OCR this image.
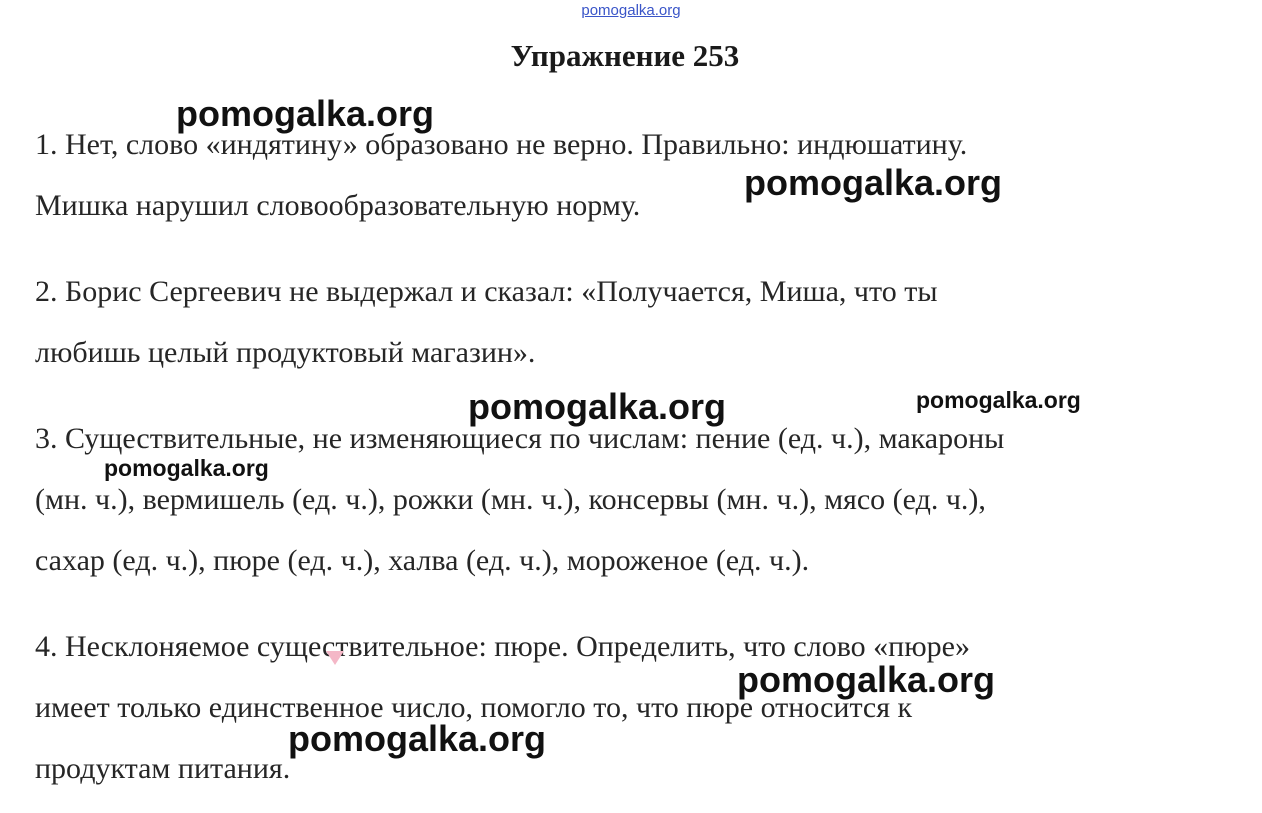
pomogalka.org
Упражнение 253
1. Нет, слово «индятину» образовано не верно. Правильно: индюшатину.
Мишка нарушил словообразовательную норму.
2. Борис Сергеевич не выдержал и сказал: «Получается, Миша, что ты
любишь целый продуктовый магазин».
3. Существительные, не изменяющиеся по числам: пение (ед. ч.), макароны
(мн. ч.), вермишель (ед. ч.), рожки (мн. ч.), консервы (мн. ч.), мясо (ед. ч.),
сахар (ед. ч.), пюре (ед. ч.), халва (ед. ч.), мороженое (ед. ч.).
4. Несклоняемое существительное: пюре. Определить, что слово «пюре»
имеет только единственное число, помогло то, что пюре относится к
продуктам питания.
pomogalka.org
pomogalka.org
pomogalka.org	pomogalka.org
pomogalka.org
pomogalka.org
pomogalka.org
